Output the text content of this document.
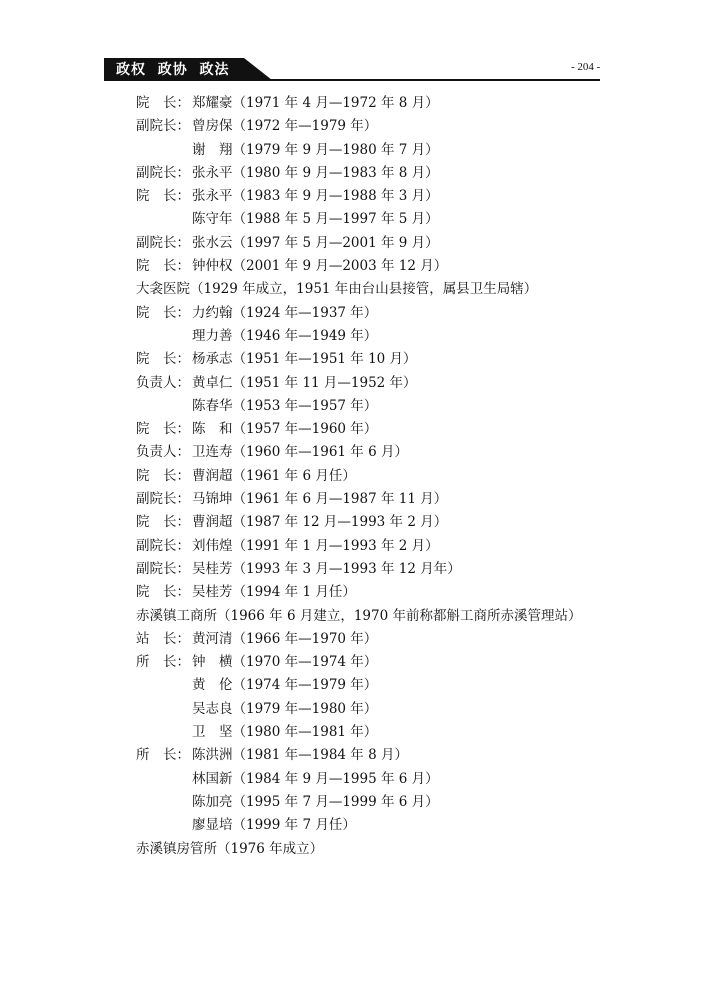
政权  政协  政法	- 204 -
院　长： 郑耀豪（1971 年 4 月—1972 年 8 月）
副院长： 曾房保（1972 年—1979 年）
谢　翔（1979 年 9 月—1980 年 7 月）
副院长： 张永平（1980 年 9 月—1983 年 8 月）
院　长： 张永平（1983 年 9 月—1988 年 3 月）
陈守年（1988 年 5 月—1997 年 5 月）
副院长： 张水云（1997 年 5 月—2001 年 9 月）
院　长： 钟仲权（2001 年 9 月—2003 年 12 月）
大衾医院（1929 年成立，1951 年由台山县接管，属县卫生局辖）
院　长： 力约翰（1924 年—1937 年）
理力善（1946 年—1949 年）
院　长： 杨承志（1951 年—1951 年 10 月）
负责人： 黄卓仁（1951 年 11 月—1952 年）
陈春华（1953 年—1957 年）
院　长： 陈　和（1957 年—1960 年）
负责人： 卫连寿（1960 年—1961 年 6 月）
院　长： 曹润超（1961 年 6 月任）
副院长： 马锦坤（1961 年 6 月—1987 年 11 月）
院　长： 曹润超（1987 年 12 月—1993 年 2 月）
副院长： 刘伟煌（1991 年 1 月—1993 年 2 月）
副院长： 吴桂芳（1993 年 3 月—1993 年 12 月年）
院　长： 吴桂芳（1994 年 1 月任）
赤溪镇工商所（1966 年 6 月建立，1970 年前称都斛工商所赤溪管理站）
站　长： 黄河清（1966 年—1970 年）
所　长： 钟　横（1970 年—1974 年）
黄　伦（1974 年—1979 年）
吴志良（1979 年—1980 年）
卫　坚（1980 年—1981 年）
所　长： 陈洪洲（1981 年—1984 年 8 月）
林国新（1984 年 9 月—1995 年 6 月）
陈加亮（1995 年 7 月—1999 年 6 月）
廖显培（1999 年 7 月任）
赤溪镇房管所（1976 年成立）
